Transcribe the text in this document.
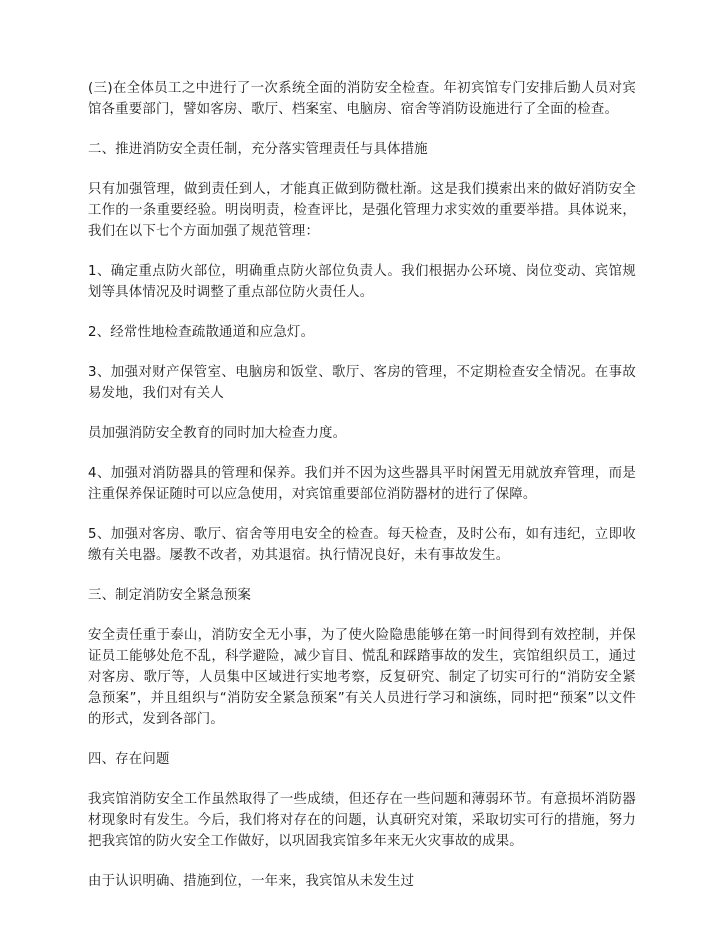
(三)在全体员工之中进行了一次系统全面的消防安全检查。年初宾馆专门安排后勤人员对宾馆各重要部门，譬如客房、歌厅、档案室、电脑房、宿舍等消防设施进行了全面的检查。

二、推进消防安全责任制，充分落实管理责任与具体措施

只有加强管理，做到责任到人，才能真正做到防微杜渐。这是我们摸索出来的做好消防安全工作的一条重要经验。明岗明责，检查评比，是强化管理力求实效的重要举措。具体说来，我们在以下七个方面加强了规范管理：

1、确定重点防火部位，明确重点防火部位负责人。我们根据办公环境、岗位变动、宾馆规划等具体情况及时调整了重点部位防火责任人。

2、经常性地检查疏散通道和应急灯。

3、加强对财产保管室、电脑房和饭堂、歌厅、客房的管理，不定期检查安全情况。在事故易发地，我们对有关人

员加强消防安全教育的同时加大检查力度。

4、加强对消防器具的管理和保养。我们并不因为这些器具平时闲置无用就放弃管理，而是注重保养保证随时可以应急使用，对宾馆重要部位消防器材的进行了保障。

5、加强对客房、歌厅、宿舍等用电安全的检查。每天检查，及时公布，如有违纪，立即收缴有关电器。屡教不改者，劝其退宿。执行情况良好，未有事故发生。

三、制定消防安全紧急预案

安全责任重于泰山，消防安全无小事，为了使火险隐患能够在第一时间得到有效控制，并保证员工能够处危不乱，科学避险，减少盲目、慌乱和踩踏事故的发生，宾馆组织员工，通过对客房、歌厅等，人员集中区域进行实地考察，反复研究、制定了切实可行的“消防安全紧急预案”，并且组织与“消防安全紧急预案”有关人员进行学习和演练，同时把“预案”以文件的形式，发到各部门。

四、存在问题

我宾馆消防安全工作虽然取得了一些成绩，但还存在一些问题和薄弱环节。有意损坏消防器材现象时有发生。今后，我们将对存在的问题，认真研究对策，采取切实可行的措施，努力把我宾馆的防火安全工作做好，以巩固我宾馆多年来无火灾事故的成果。

由于认识明确、措施到位，一年来，我宾馆从未发生过
